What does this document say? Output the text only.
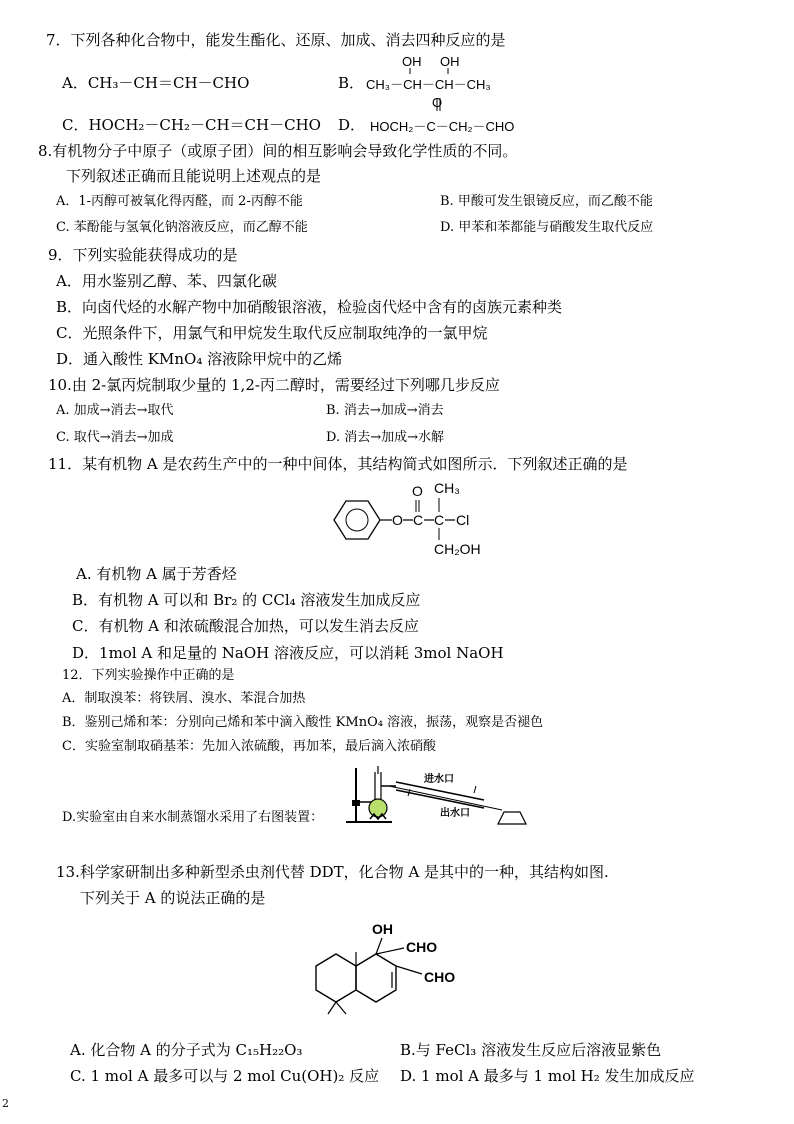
7．下列各种化合物中，能发生酯化、还原、加成、消去四种反应的是
A．CH₃－CH＝CH－CHO	B．
OH OH
CH₃－CH－CH－CH₃
C．HOCH₂－CH₂－CH＝CH－CHO D．
O
HOCH₂－C－CH₂－CHO
8.有机物分子中原子（或原子团）间的相互影响会导致化学性质的不同。
下列叙述正确而且能说明上述观点的是
A．1-丙醇可被氧化得丙醛，而 2-丙醇不能	B. 甲酸可发生银镜反应，而乙酸不能
C. 苯酚能与氢氧化钠溶液反应，而乙醇不能	D. 甲苯和苯都能与硝酸发生取代反应
9．下列实验能获得成功的是
A．用水鉴别乙醇、苯、四氯化碳
B．向卤代烃的水解产物中加硝酸银溶液，检验卤代烃中含有的卤族元素种类
C．光照条件下，用氯气和甲烷发生取代反应制取纯净的一氯甲烷
D．通入酸性 KMnO₄ 溶液除甲烷中的乙烯
10.由 2-氯丙烷制取少量的 1,2-丙二醇时，需要经过下列哪几步反应
A. 加成→消去→取代	B. 消去→加成→消去
C. 取代→消去→加成	D. 消去→加成→水解
11．某有机物 A 是农药生产中的一种中间体，其结构简式如图所示．下列叙述正确的是
O C
O
C
CH₃
Cl
CH₂OH
A. 有机物 A 属于芳香烃
B．有机物 A 可以和 Br₂ 的 CCl₄ 溶液发生加成反应
C．有机物 A 和浓硫酸混合加热，可以发生消去反应
D．1mol A 和足量的 NaOH 溶液反应，可以消耗 3mol NaOH
12．下列实验操作中正确的是
A．制取溴苯：将铁屑、溴水、苯混合加热
B．鉴别己烯和苯：分别向己烯和苯中滴入酸性 KMnO₄ 溶液，振荡，观察是否褪色
C．实验室制取硝基苯：先加入浓硫酸，再加苯，最后滴入浓硝酸
进水口
出水口
D.实验室由自来水制蒸馏水采用了右图装置：
13.科学家研制出多种新型杀虫剂代替 DDT，化合物 A 是其中的一种，其结构如图.
下列关于 A 的说法正确的是
OH
CHO
CHO
A. 化合物 A 的分子式为 C₁₅H₂₂O₃	B.与 FeCl₃ 溶液发生反应后溶液显紫色
C. 1 mol A 最多可以与 2 mol Cu(OH)₂ 反应 D. 1 mol A 最多与 1 mol H₂ 发生加成反应
2
